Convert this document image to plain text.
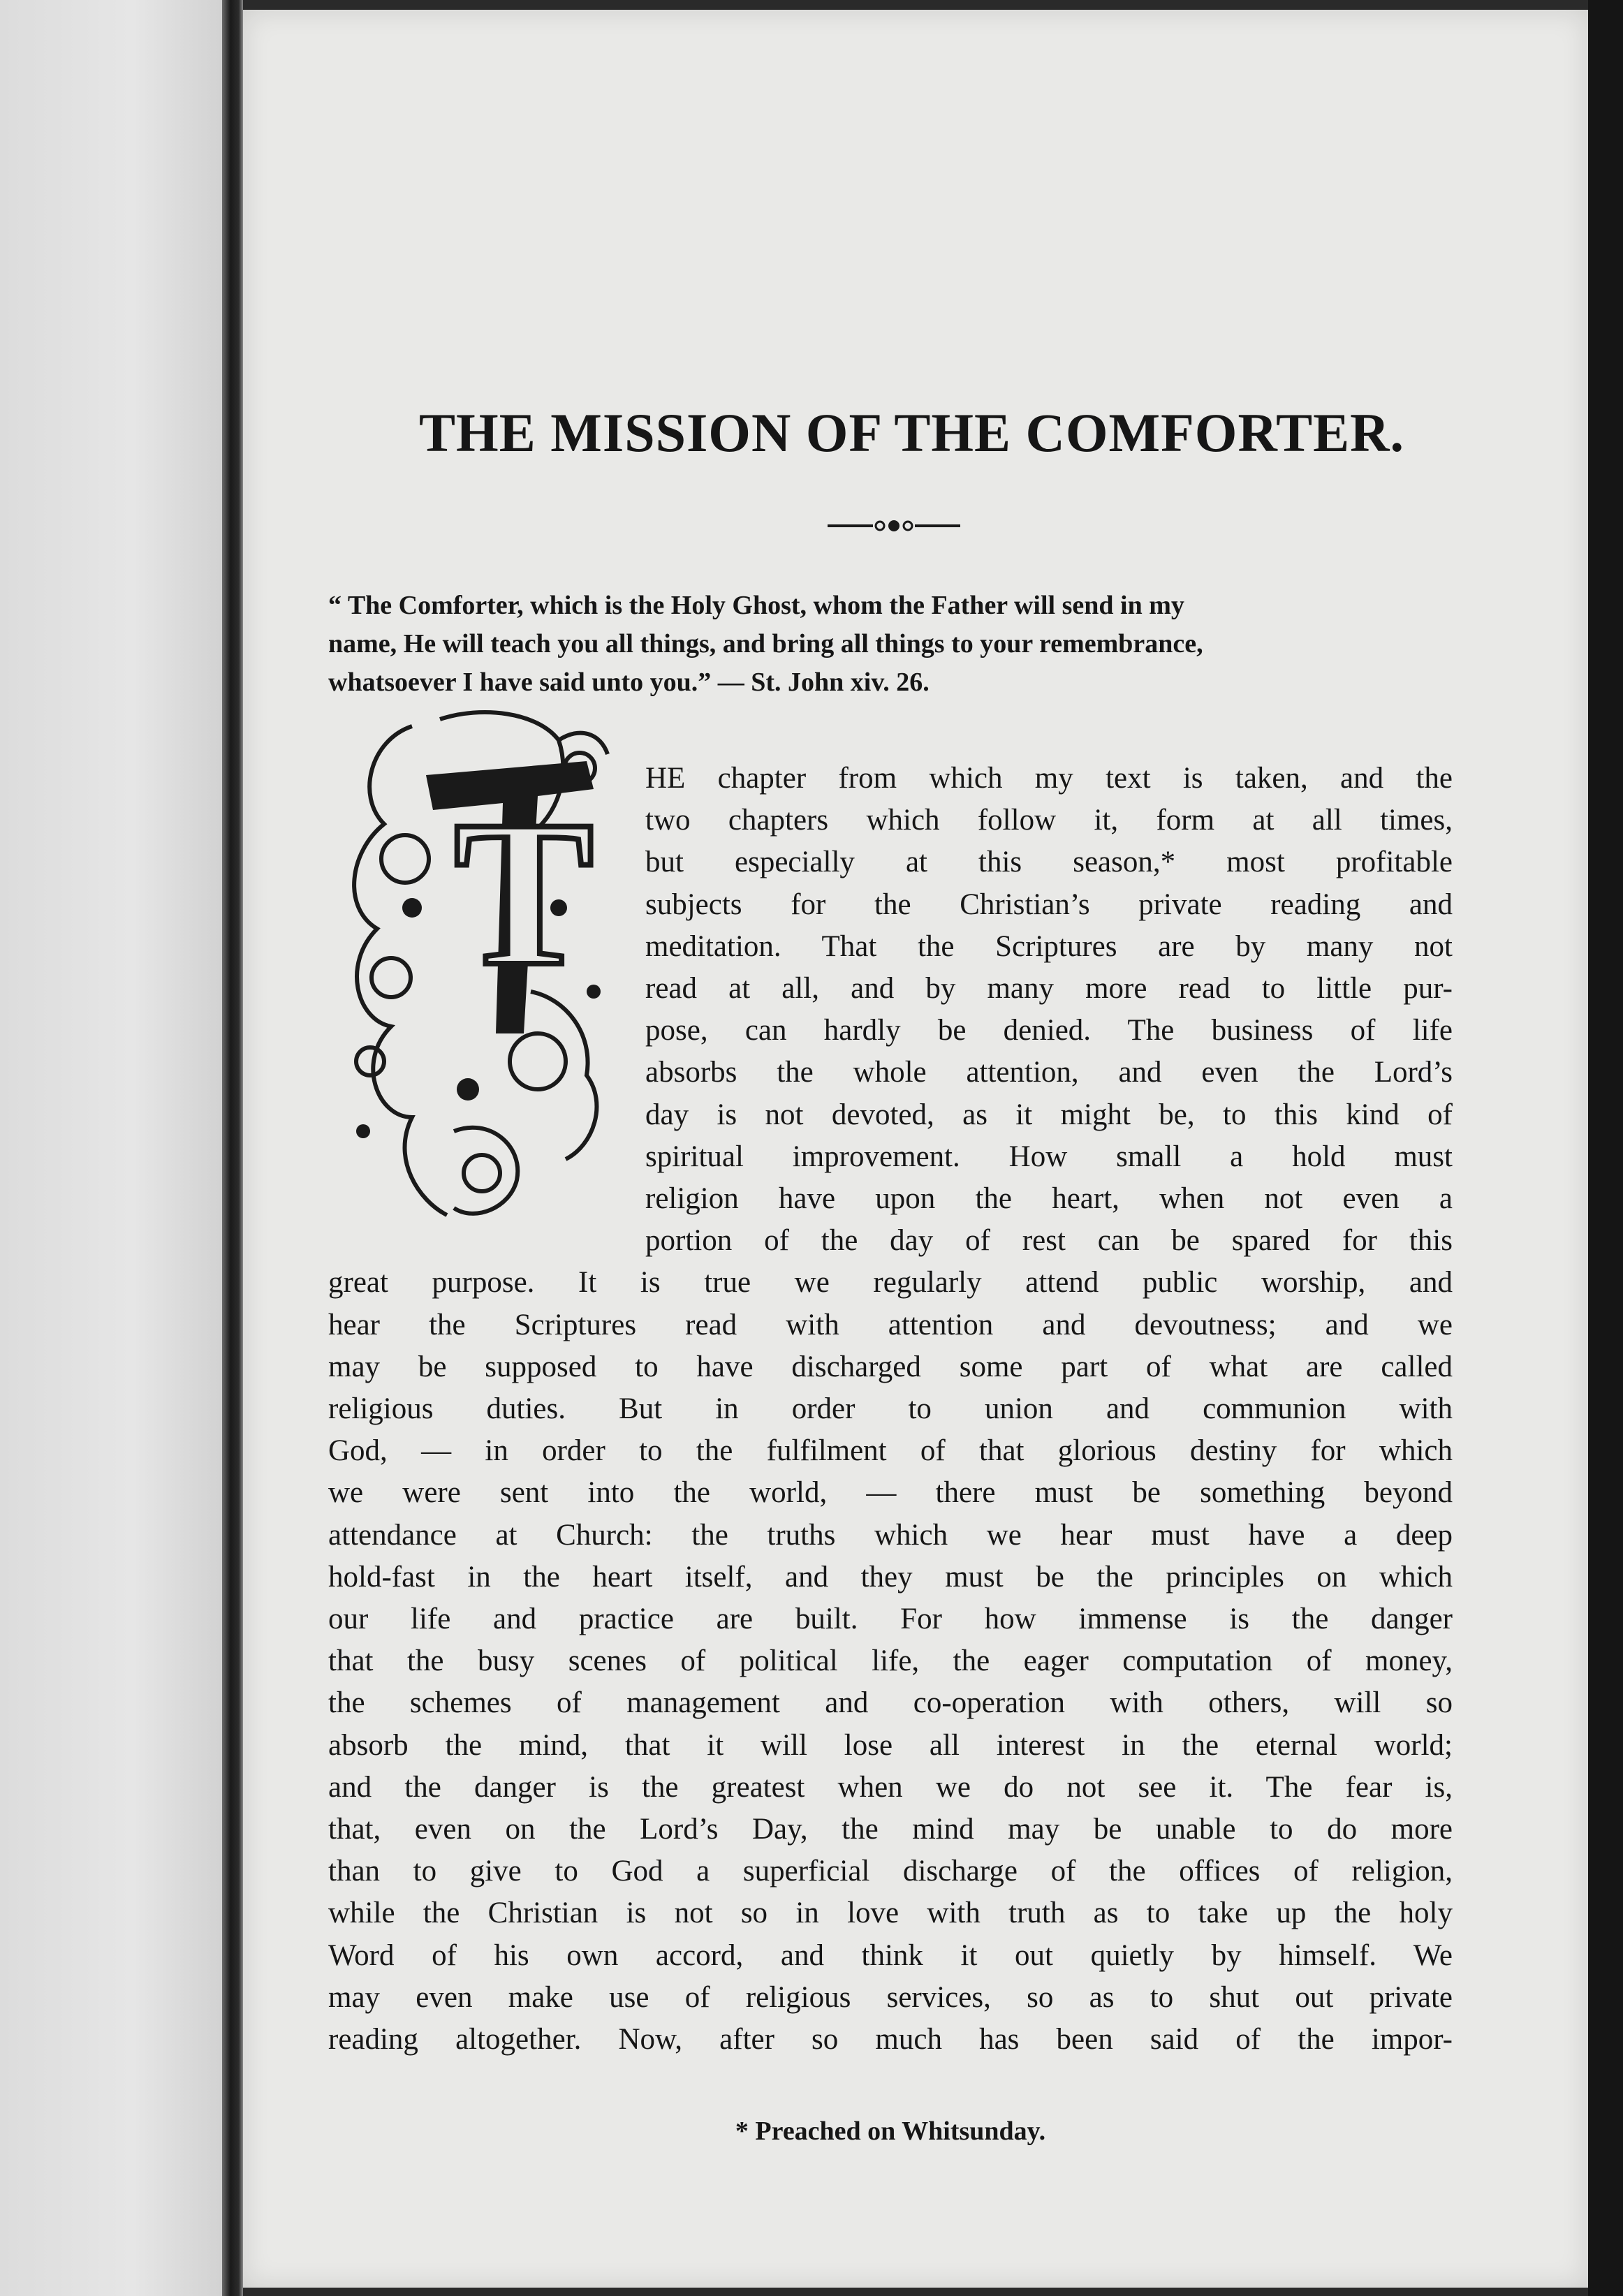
THE MISSION OF THE COMFORTER.
“ The Comforter, which is the Holy Ghost, whom the Father will send in my
name, He will teach you all things, and bring all things to your remembrance,
whatsoever I have said unto you.” — St. John xiv. 26.
T HE chapter from which my text is taken, and the
two chapters which follow it, form at all times,
but especially at this season,* most profitable
subjects for the Christian’s private reading and
meditation. That the Scriptures are by many not
read at all, and by many more read to little pur-
pose, can hardly be denied. The business of life
absorbs the whole attention, and even the Lord’s
day is not devoted, as it might be, to this kind of
spiritual improvement. How small a hold must
religion have upon the heart, when not even a
portion of the day of rest can be spared for this
great purpose. It is true we regularly attend public worship, and
hear the Scriptures read with attention and devoutness; and we
may be supposed to have discharged some part of what are called
religious duties. But in order to union and communion with
God, — in order to the fulfilment of that glorious destiny for which
we were sent into the world, — there must be something beyond
attendance at Church: the truths which we hear must have a deep
hold-fast in the heart itself, and they must be the principles on which
our life and practice are built. For how immense is the danger
that the busy scenes of political life, the eager computation of money,
the schemes of management and co-operation with others, will so
absorb the mind, that it will lose all interest in the eternal world;
and the danger is the greatest when we do not see it. The fear is,
that, even on the Lord’s Day, the mind may be unable to do more
than to give to God a superficial discharge of the offices of religion,
while the Christian is not so in love with truth as to take up the holy
Word of his own accord, and think it out quietly by himself. We
may even make use of religious services, so as to shut out private
reading altogether. Now, after so much has been said of the impor-
* Preached on Whitsunday.
